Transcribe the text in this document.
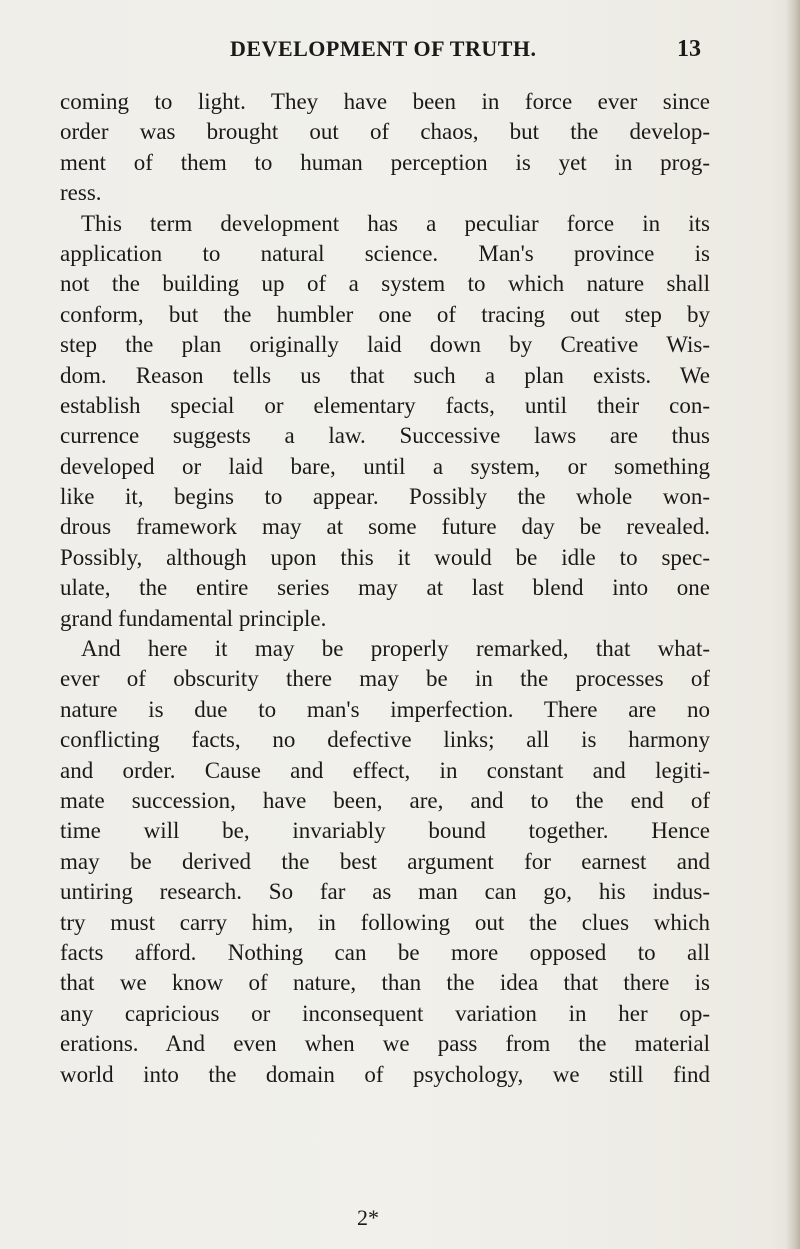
DEVELOPMENT OF TRUTH.	13
coming to light. They have been in force ever since
order was brought out of chaos, but the develop-
ment of them to human perception is yet in prog-
ress.
This term development has a peculiar force in its
application to natural science. Man's province is
not the building up of a system to which nature shall
conform, but the humbler one of tracing out step by
step the plan originally laid down by Creative Wis-
dom. Reason tells us that such a plan exists. We
establish special or elementary facts, until their con-
currence suggests a law. Successive laws are thus
developed or laid bare, until a system, or something
like it, begins to appear. Possibly the whole won-
drous framework may at some future day be revealed.
Possibly, although upon this it would be idle to spec-
ulate, the entire series may at last blend into one
grand fundamental principle.
And here it may be properly remarked, that what-
ever of obscurity there may be in the processes of
nature is due to man's imperfection. There are no
conflicting facts, no defective links; all is harmony
and order. Cause and effect, in constant and legiti-
mate succession, have been, are, and to the end of
time will be, invariably bound together. Hence
may be derived the best argument for earnest and
untiring research. So far as man can go, his indus-
try must carry him, in following out the clues which
facts afford. Nothing can be more opposed to all
that we know of nature, than the idea that there is
any capricious or inconsequent variation in her op-
erations. And even when we pass from the material
world into the domain of psychology, we still find
2*
